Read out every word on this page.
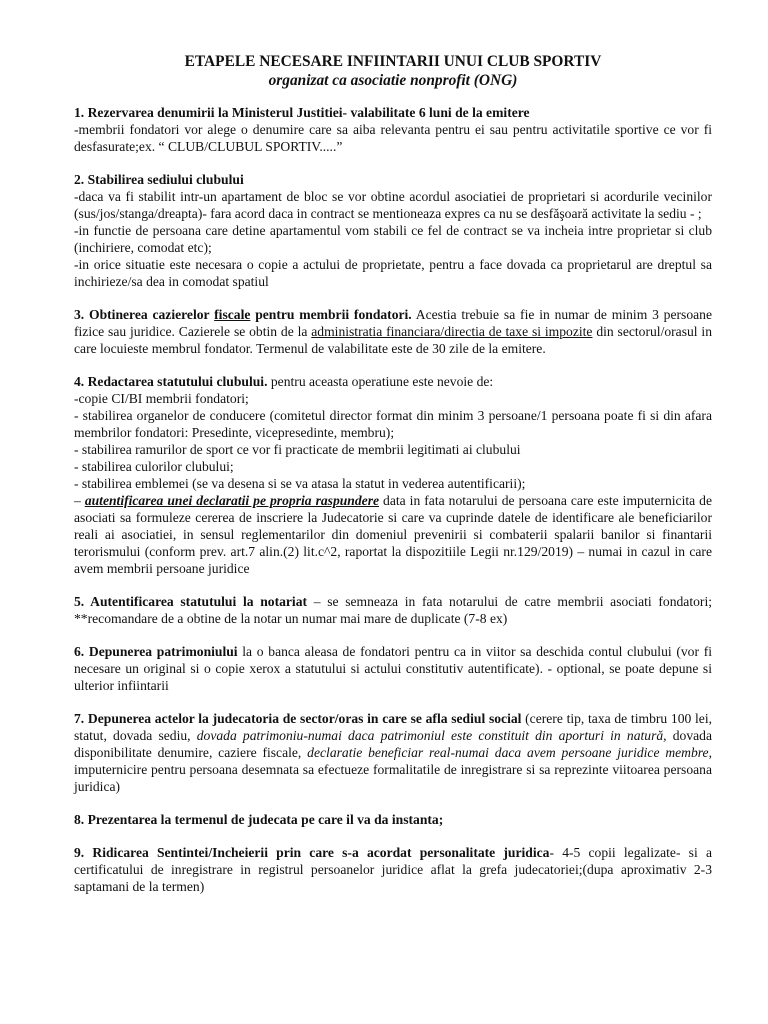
ETAPELE NECESARE INFIINTARII UNUI CLUB SPORTIV

organizat ca asociatie nonprofit (ONG)

1. Rezervarea denumirii la Ministerul Justitiei- valabilitate 6 luni de la emitere

-membrii fondatori vor alege o denumire care sa aiba relevanta pentru ei sau pentru activitatile sportive ce vor fi desfasurate;ex. “ CLUB/CLUBUL SPORTIV.....”

2. Stabilirea sediului clubului

-daca va fi stabilit intr-un apartament de bloc se vor obtine acordul asociatiei de proprietari si acordurile vecinilor (sus/jos/stanga/dreapta)- fara acord daca in contract se mentioneaza expres ca nu se desfăşoară activitate la sediu - ;

-in functie de persoana care detine apartamentul vom stabili ce fel de contract se va incheia intre proprietar si club (inchiriere, comodat etc);

-in orice situatie este necesara o copie a actului de proprietate, pentru a face dovada ca proprietarul are dreptul sa inchirieze/sa dea in comodat spatiul

3. Obtinerea cazierelor fiscale pentru membrii fondatori. Acestia trebuie sa fie in numar de minim 3 persoane fizice sau juridice. Cazierele se obtin de la administratia financiara/directia de taxe si impozite din sectorul/orasul in care locuieste membrul fondator. Termenul de valabilitate este de 30 zile de la emitere.

4. Redactarea statutului clubului. pentru aceasta operatiune este nevoie de:

-copie CI/BI membrii fondatori;

- stabilirea organelor de conducere (comitetul director format din minim 3 persoane/1 persoana poate fi si din afara membrilor fondatori: Presedinte, vicepresedinte, membru);

- stabilirea ramurilor de sport ce vor fi practicate de membrii legitimati ai clubului

- stabilirea culorilor clubului;

- stabilirea emblemei (se va desena si se va atasa la statut in vederea autentificarii);

– autentificarea unei declaratii pe propria raspundere data in fata notarului de persoana care este imputernicita de asociati sa formuleze cererea de inscriere la Judecatorie si care va cuprinde datele de identificare ale beneficiarilor reali ai asociatiei, in sensul reglementarilor din domeniul prevenirii si combaterii spalarii banilor si finantarii terorismului (conform prev. art.7 alin.(2) lit.c^2, raportat la dispozitiile Legii nr.129/2019) – numai in cazul in care avem membrii persoane juridice

5. Autentificarea statutului la notariat – se semneaza in fata notarului de catre membrii asociati fondatori; **recomandare de a obtine de la notar un numar mai mare de duplicate (7-8 ex)

6. Depunerea patrimoniului la o banca aleasa de fondatori pentru ca in viitor sa deschida contul clubului (vor fi necesare un original si o copie xerox a statutului si actului constitutiv autentificate). - optional, se poate depune si ulterior infiintarii

7. Depunerea actelor la judecatoria de sector/oras in care se afla sediul social (cerere tip, taxa de timbru 100 lei, statut, dovada sediu, dovada patrimoniu-numai daca patrimoniul este constituit din aporturi in natură, dovada disponibilitate denumire, caziere fiscale, declaratie beneficiar real-numai daca avem persoane juridice membre, imputernicire pentru persoana desemnata sa efectueze formalitatile de inregistrare si sa reprezinte viitoarea persoana juridica)

8. Prezentarea la termenul de judecata pe care il va da instanta;

9. Ridicarea Sentintei/Incheierii prin care s-a acordat personalitate juridica- 4-5 copii legalizate- si a certificatului de inregistrare in registrul persoanelor juridice aflat la grefa judecatoriei;(dupa aproximativ 2-3 saptamani de la termen)
